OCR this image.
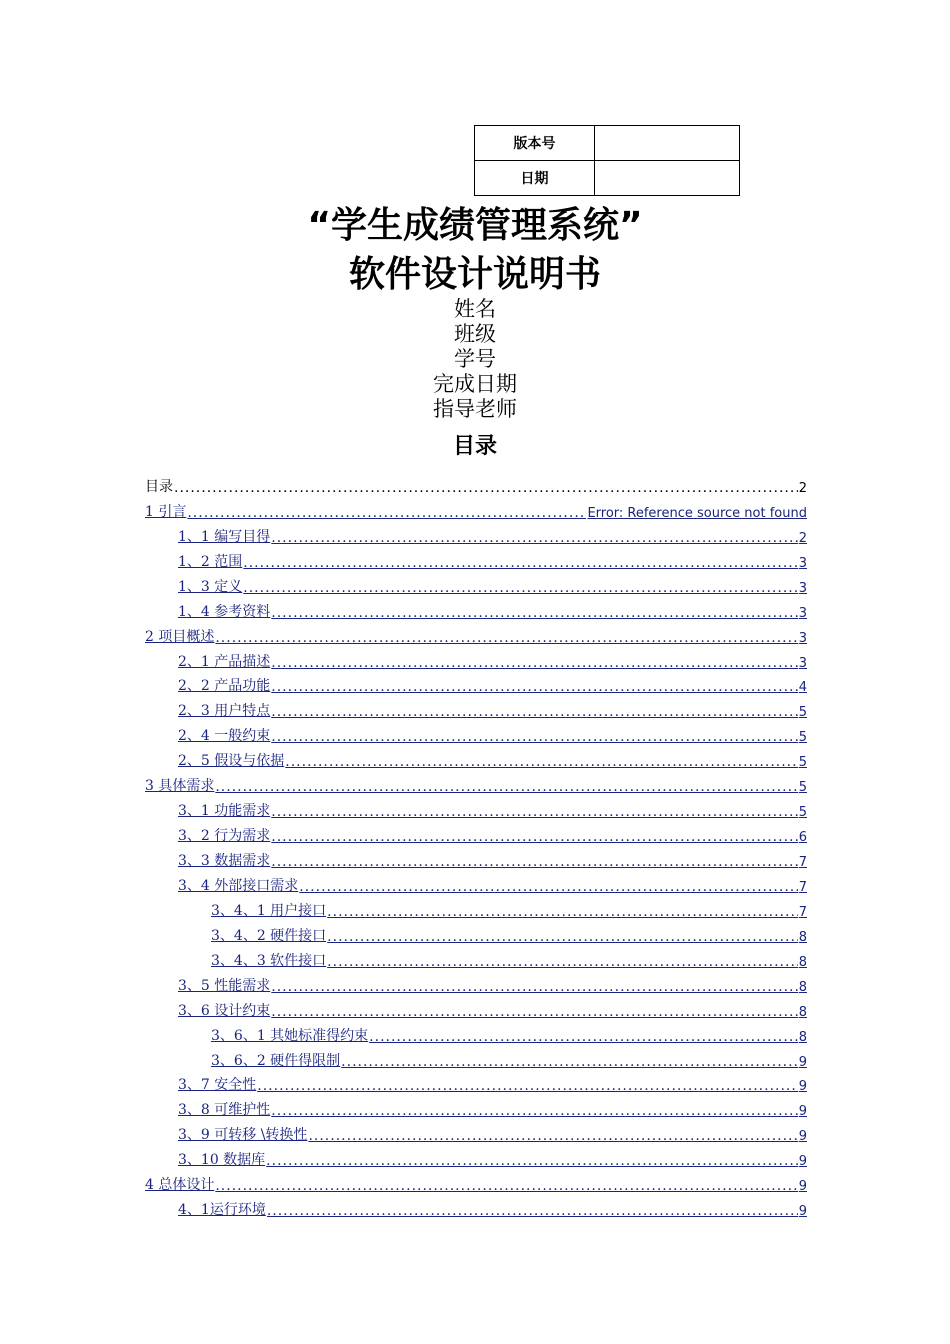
版本号	
日期	
“学生成绩管理系统”
软件设计说明书
姓名
班级
学号
完成日期
指导老师
目录
目录 .....	2
1 引言 .....	Error: Reference source not found
1、1 编写目得 .....	2
1、2 范围 .....	3
1、3 定义 .....	3
1、4 参考资料 .....	3
2 项目概述 .....	3
2、1 产品描述 .....	3
2、2 产品功能 .....	4
2、3 用户特点 .....	5
2、4 一般约束 .....	5
2、5 假设与依据 .....	5
3 具体需求 .....	5
3、1 功能需求 .....	5
3、2 行为需求 .....	6
3、3 数据需求 .....	7
3、4 外部接口需求 .....	7
3、4、1 用户接口 .....	7
3、4、2 硬件接口 .....	8
3、4、3 软件接口 .....	8
3、5 性能需求 .....	8
3、6 设计约束 .....	8
3、6、1 其她标准得约束 .....	8
3、6、2 硬件得限制 .....	9
3、7 安全性 .....	9
3、8 可维护性 .....	9
3、9 可转移 \转换性 .....	9
3、10 数据库 .....	9
4 总体设计 .....	9
4、1运行环境 .....	9
